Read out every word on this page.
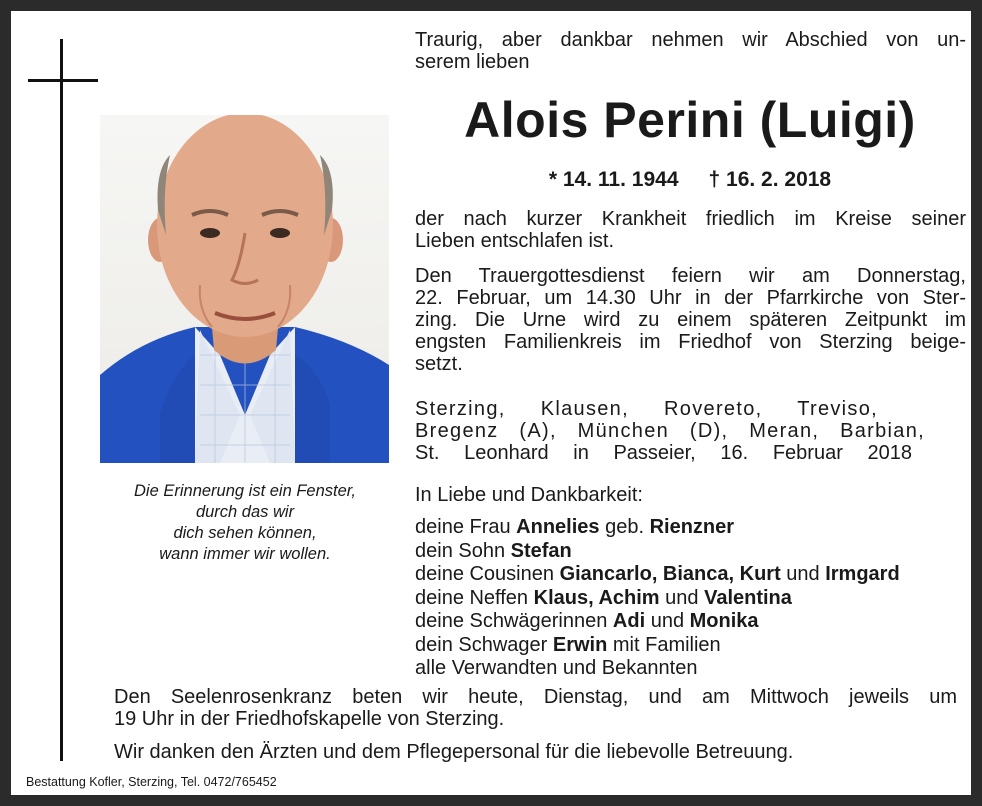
Die Erinnerung ist ein Fenster,
durch das wir
dich sehen können,
wann immer wir wollen.
Traurig, aber dankbar nehmen wir Abschied von un-
serem lieben
Alois Perini (Luigi)
* 14. 11. 1944 † 16. 2. 2018
der nach kurzer Krankheit friedlich im Kreise seiner
Lieben entschlafen ist.
Den Trauergottesdienst feiern wir am Donnerstag,
22. Februar, um 14.30 Uhr in der Pfarrkirche von Ster-
zing. Die Urne wird zu einem späteren Zeitpunkt im
engsten Familienkreis im Friedhof von Sterzing beige-
setzt.
Sterzing, Klausen, Rovereto, Treviso,
Bregenz (A), München (D), Meran, Barbian,
St. Leonhard in Passeier, 16. Februar 2018
In Liebe und Dankbarkeit:
deine Frau Annelies geb. Rienzner
dein Sohn Stefan
deine Cousinen Giancarlo, Bianca, Kurt und Irmgard
deine Neffen Klaus, Achim und Valentina
deine Schwägerinnen Adi und Monika
dein Schwager Erwin mit Familien
alle Verwandten und Bekannten
Den Seelenrosenkranz beten wir heute, Dienstag, und am Mittwoch jeweils um
19 Uhr in der Friedhofskapelle von Sterzing.
Wir danken den Ärzten und dem Pflegepersonal für die liebevolle Betreuung.
Bestattung Kofler, Sterzing, Tel. 0472/765452
